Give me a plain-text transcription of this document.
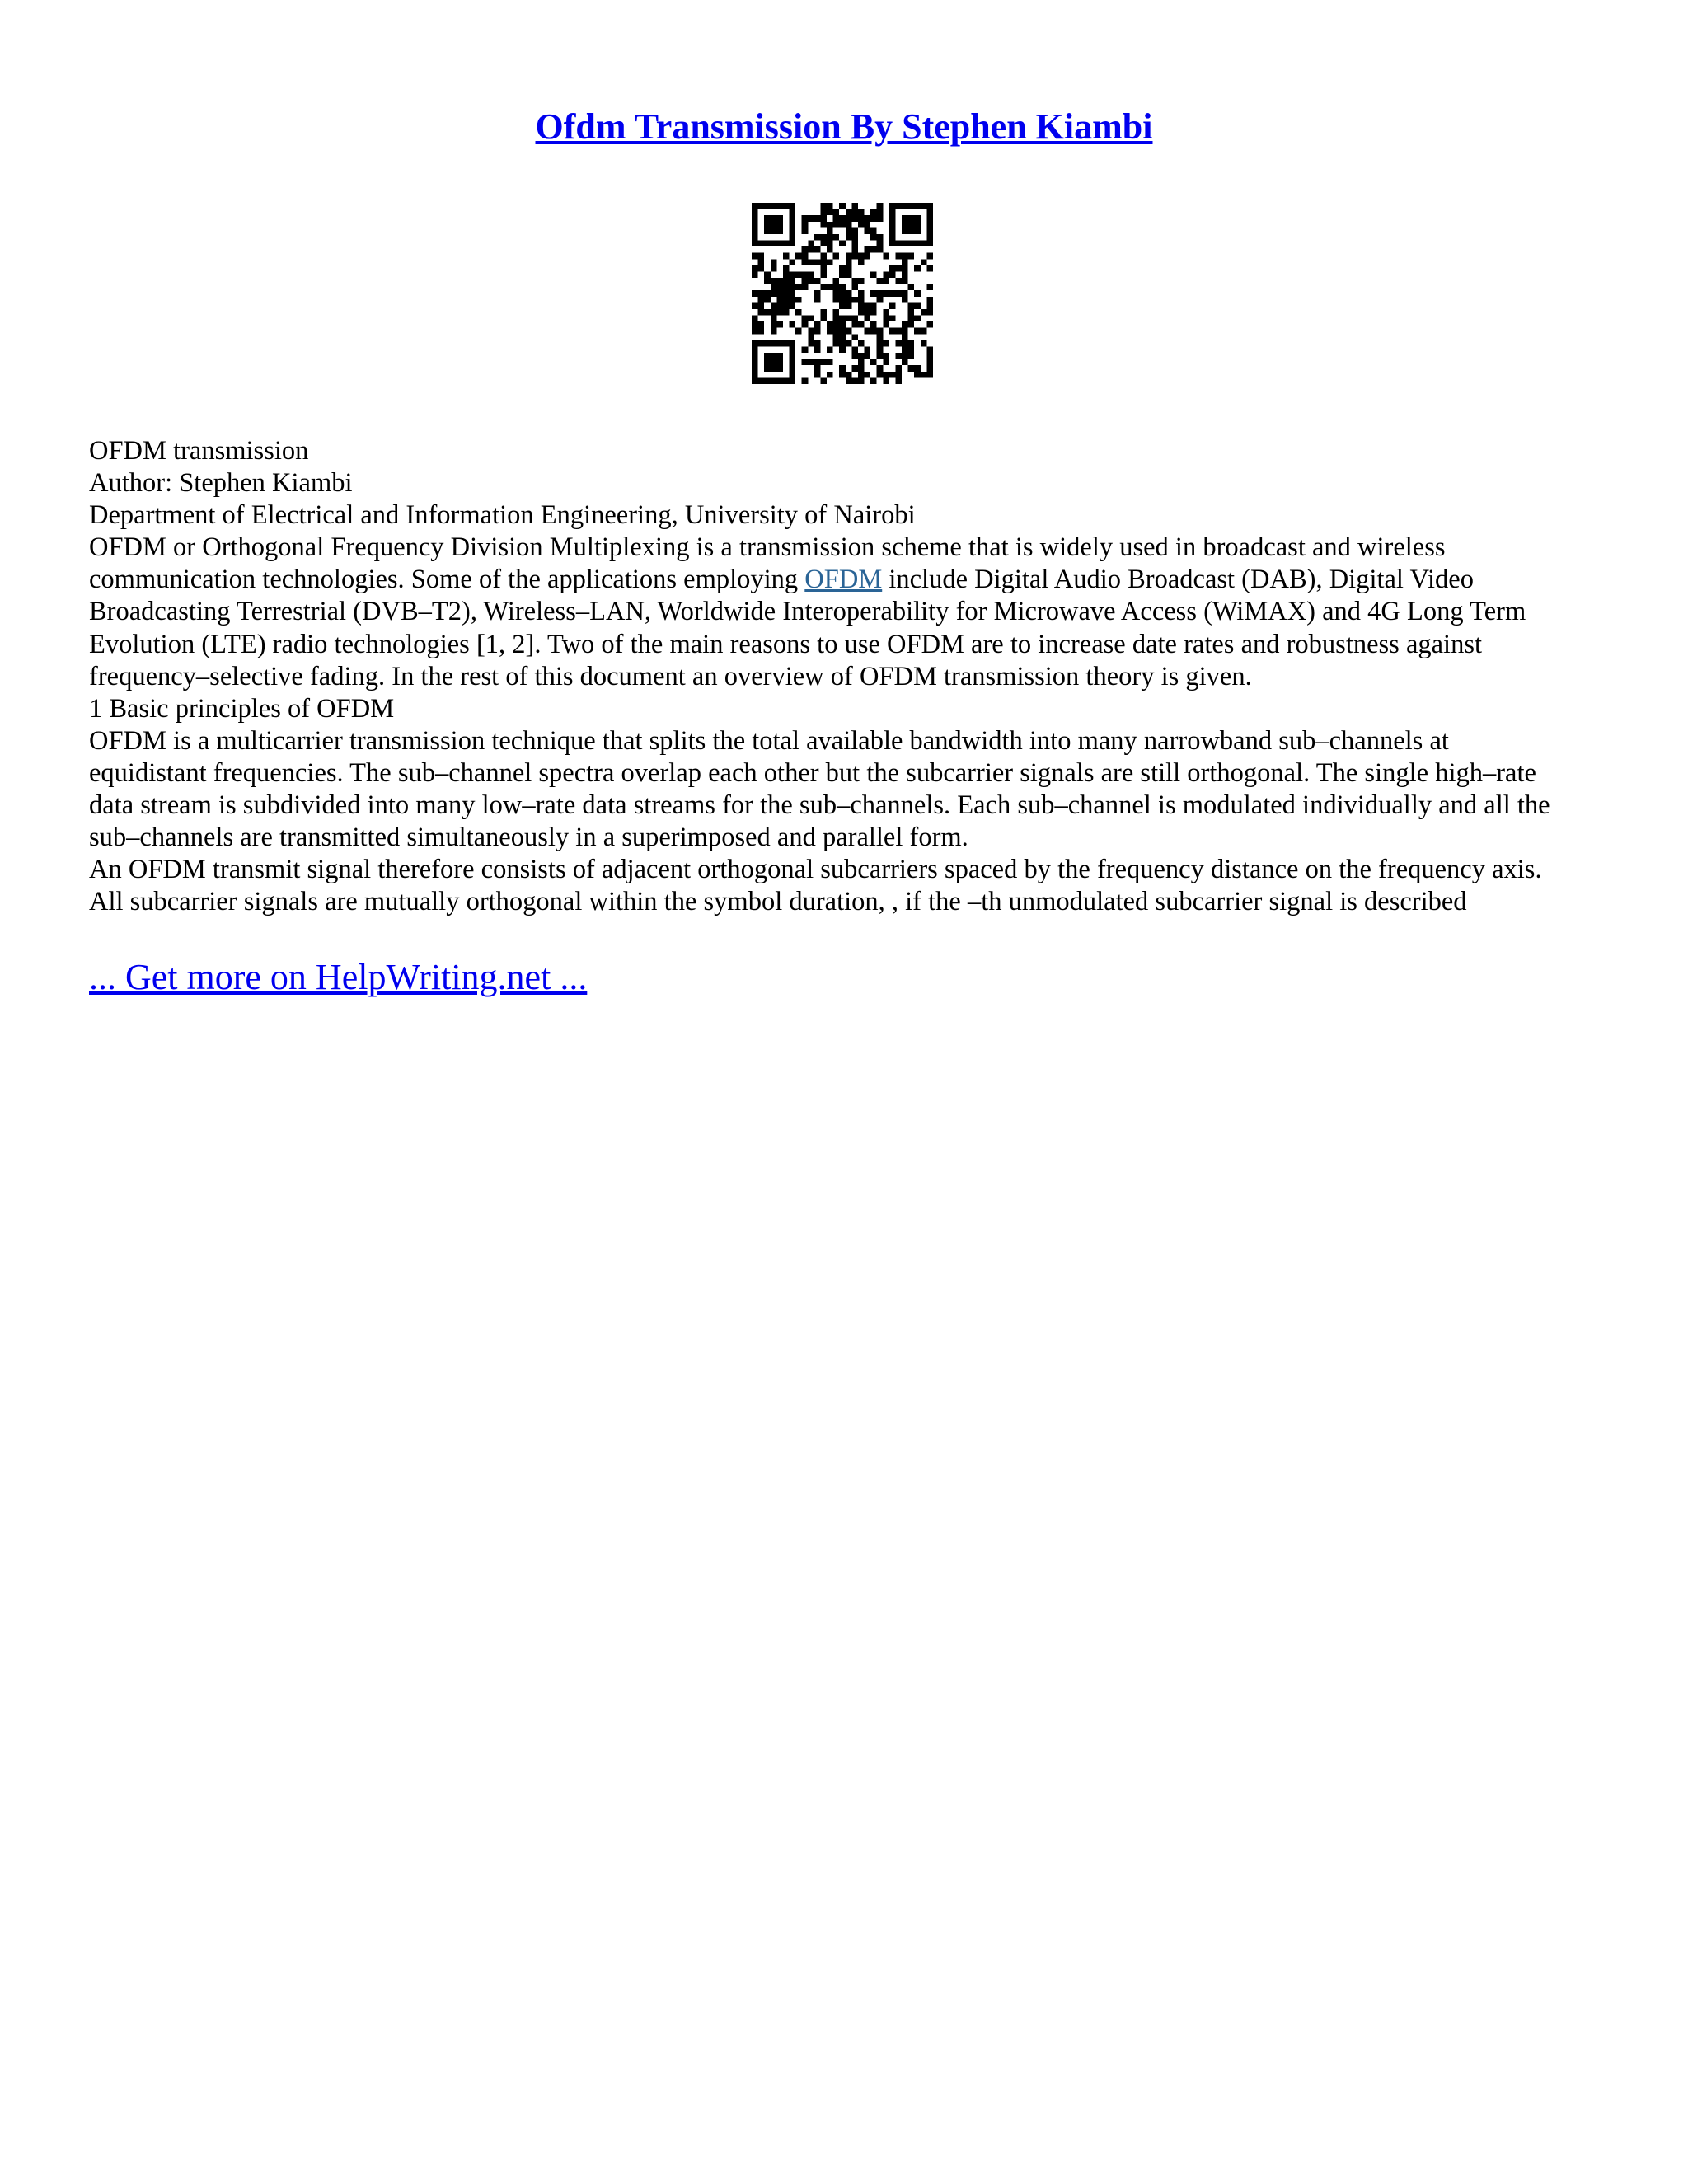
Ofdm Transmission By Stephen Kiambi
OFDM transmission
Author: Stephen Kiambi
Department of Electrical and Information Engineering, University of Nairobi
OFDM or Orthogonal Frequency Division Multiplexing is a transmission scheme that is widely used in broadcast and wireless
communication technologies. Some of the applications employing OFDM include Digital Audio Broadcast (DAB), Digital Video
Broadcasting Terrestrial (DVB–T2), Wireless–LAN, Worldwide Interoperability for Microwave Access (WiMAX) and 4G Long Term
Evolution (LTE) radio technologies [1, 2]. Two of the main reasons to use OFDM are to increase date rates and robustness against
frequency–selective fading. In the rest of this document an overview of OFDM transmission theory is given.
1 Basic principles of OFDM
OFDM is a multicarrier transmission technique that splits the total available bandwidth into many narrowband sub–channels at
equidistant frequencies. The sub–channel spectra overlap each other but the subcarrier signals are still orthogonal. The single high–rate
data stream is subdivided into many low–rate data streams for the sub–channels. Each sub–channel is modulated individually and all the
sub–channels are transmitted simultaneously in a superimposed and parallel form.
An OFDM transmit signal therefore consists of adjacent orthogonal subcarriers spaced by the frequency distance on the frequency axis.
All subcarrier signals are mutually orthogonal within the symbol duration, , if the –th unmodulated subcarrier signal is described
... Get more on HelpWriting.net ...
